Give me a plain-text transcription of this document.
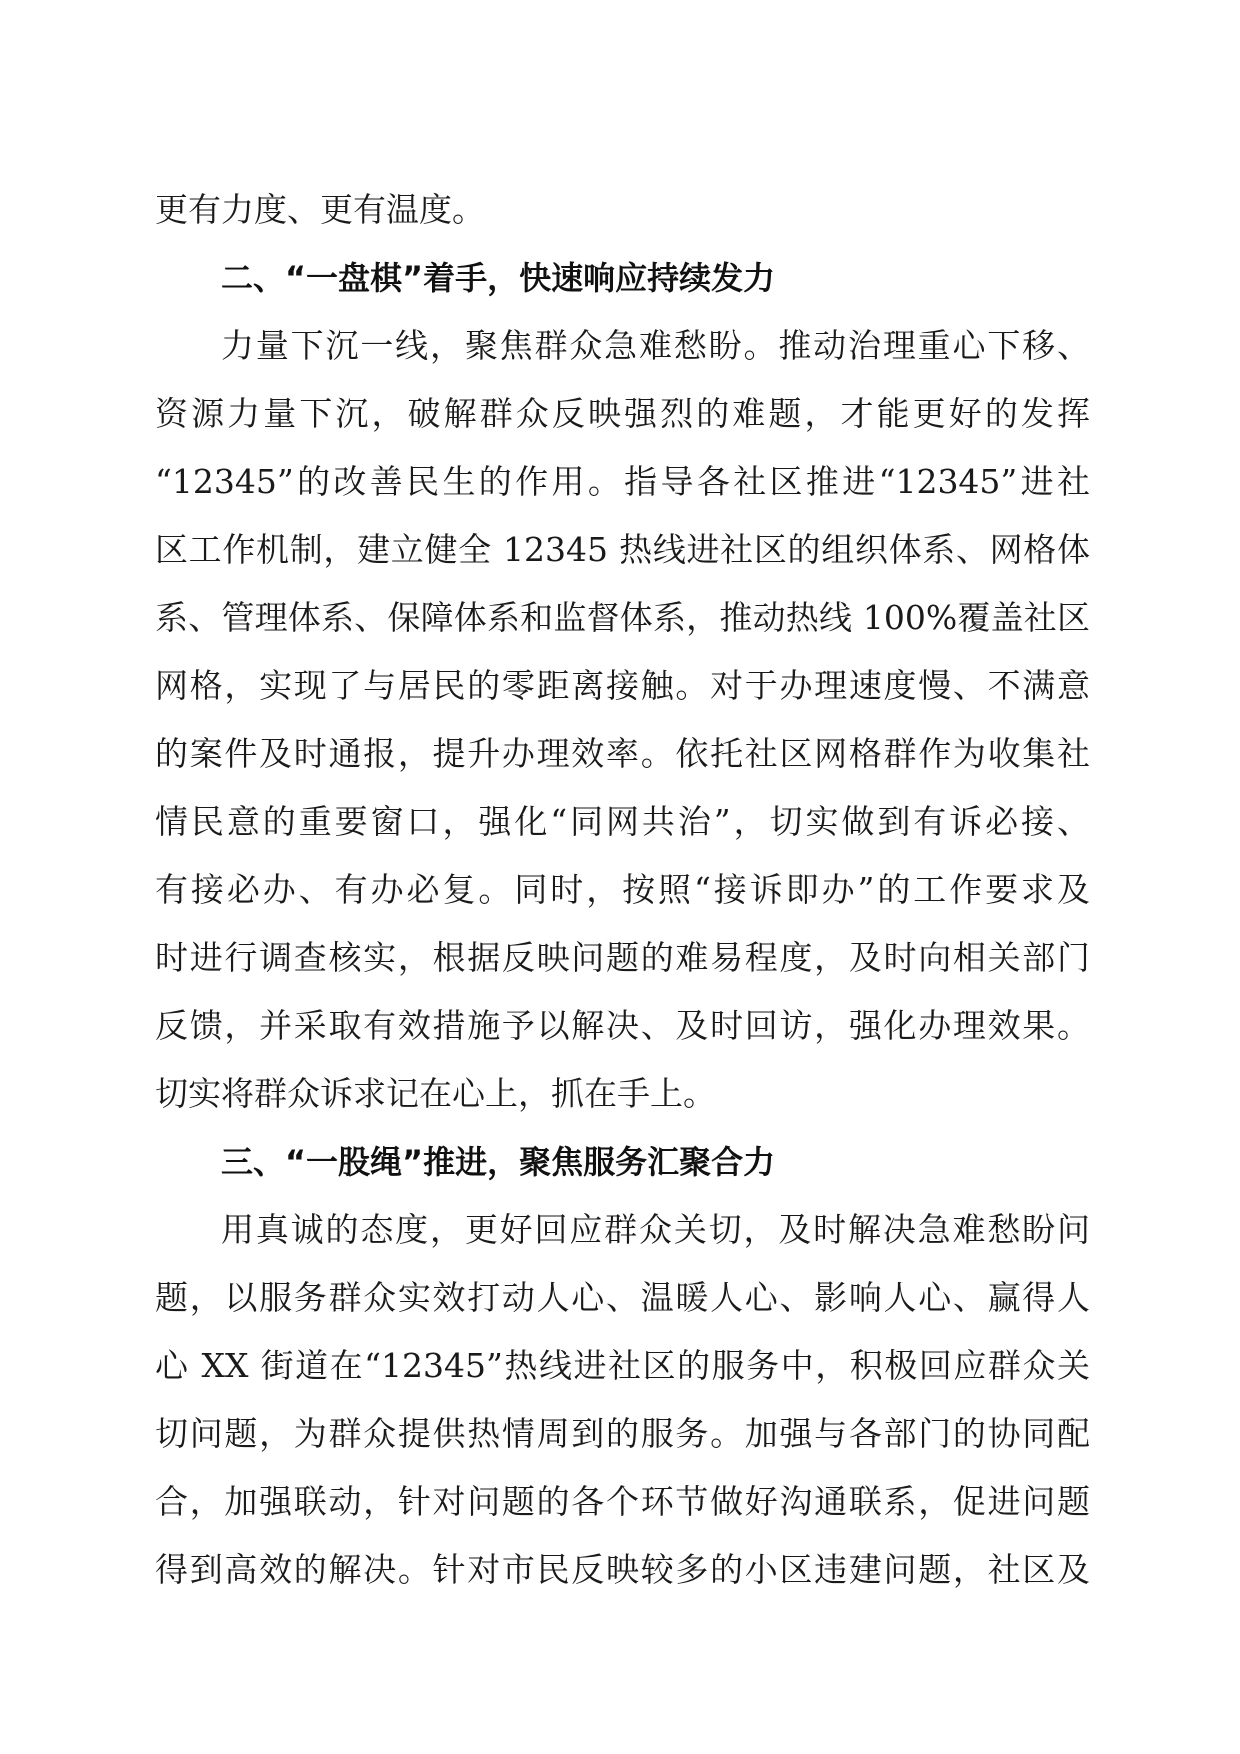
更有力度、更有温度。
二、“一盘棋”着手，快速响应持续发力
力量下沉一线，聚焦群众急难愁盼。推动治理重心下移、
资源力量下沉，破解群众反映强烈的难题，才能更好的发挥
“12345”的改善民生的作用。指导各社区推进“12345”进社
区工作机制，建立健全 12345 热线进社区的组织体系、网格体
系、管理体系、保障体系和监督体系，推动热线 100%覆盖社区
网格，实现了与居民的零距离接触。对于办理速度慢、不满意
的案件及时通报，提升办理效率。依托社区网格群作为收集社
情民意的重要窗口，强化“同网共治”，切实做到有诉必接、
有接必办、有办必复。同时，按照“接诉即办”的工作要求及
时进行调查核实，根据反映问题的难易程度，及时向相关部门
反馈，并采取有效措施予以解决、及时回访，强化办理效果。
切实将群众诉求记在心上，抓在手上。
三、“一股绳”推进，聚焦服务汇聚合力
用真诚的态度，更好回应群众关切，及时解决急难愁盼问
题，以服务群众实效打动人心、温暖人心、影响人心、赢得人
心 XX 街道在“12345”热线进社区的服务中，积极回应群众关
切问题，为群众提供热情周到的服务。加强与各部门的协同配
合，加强联动，针对问题的各个环节做好沟通联系，促进问题
得到高效的解决。针对市民反映较多的小区违建问题，社区及
